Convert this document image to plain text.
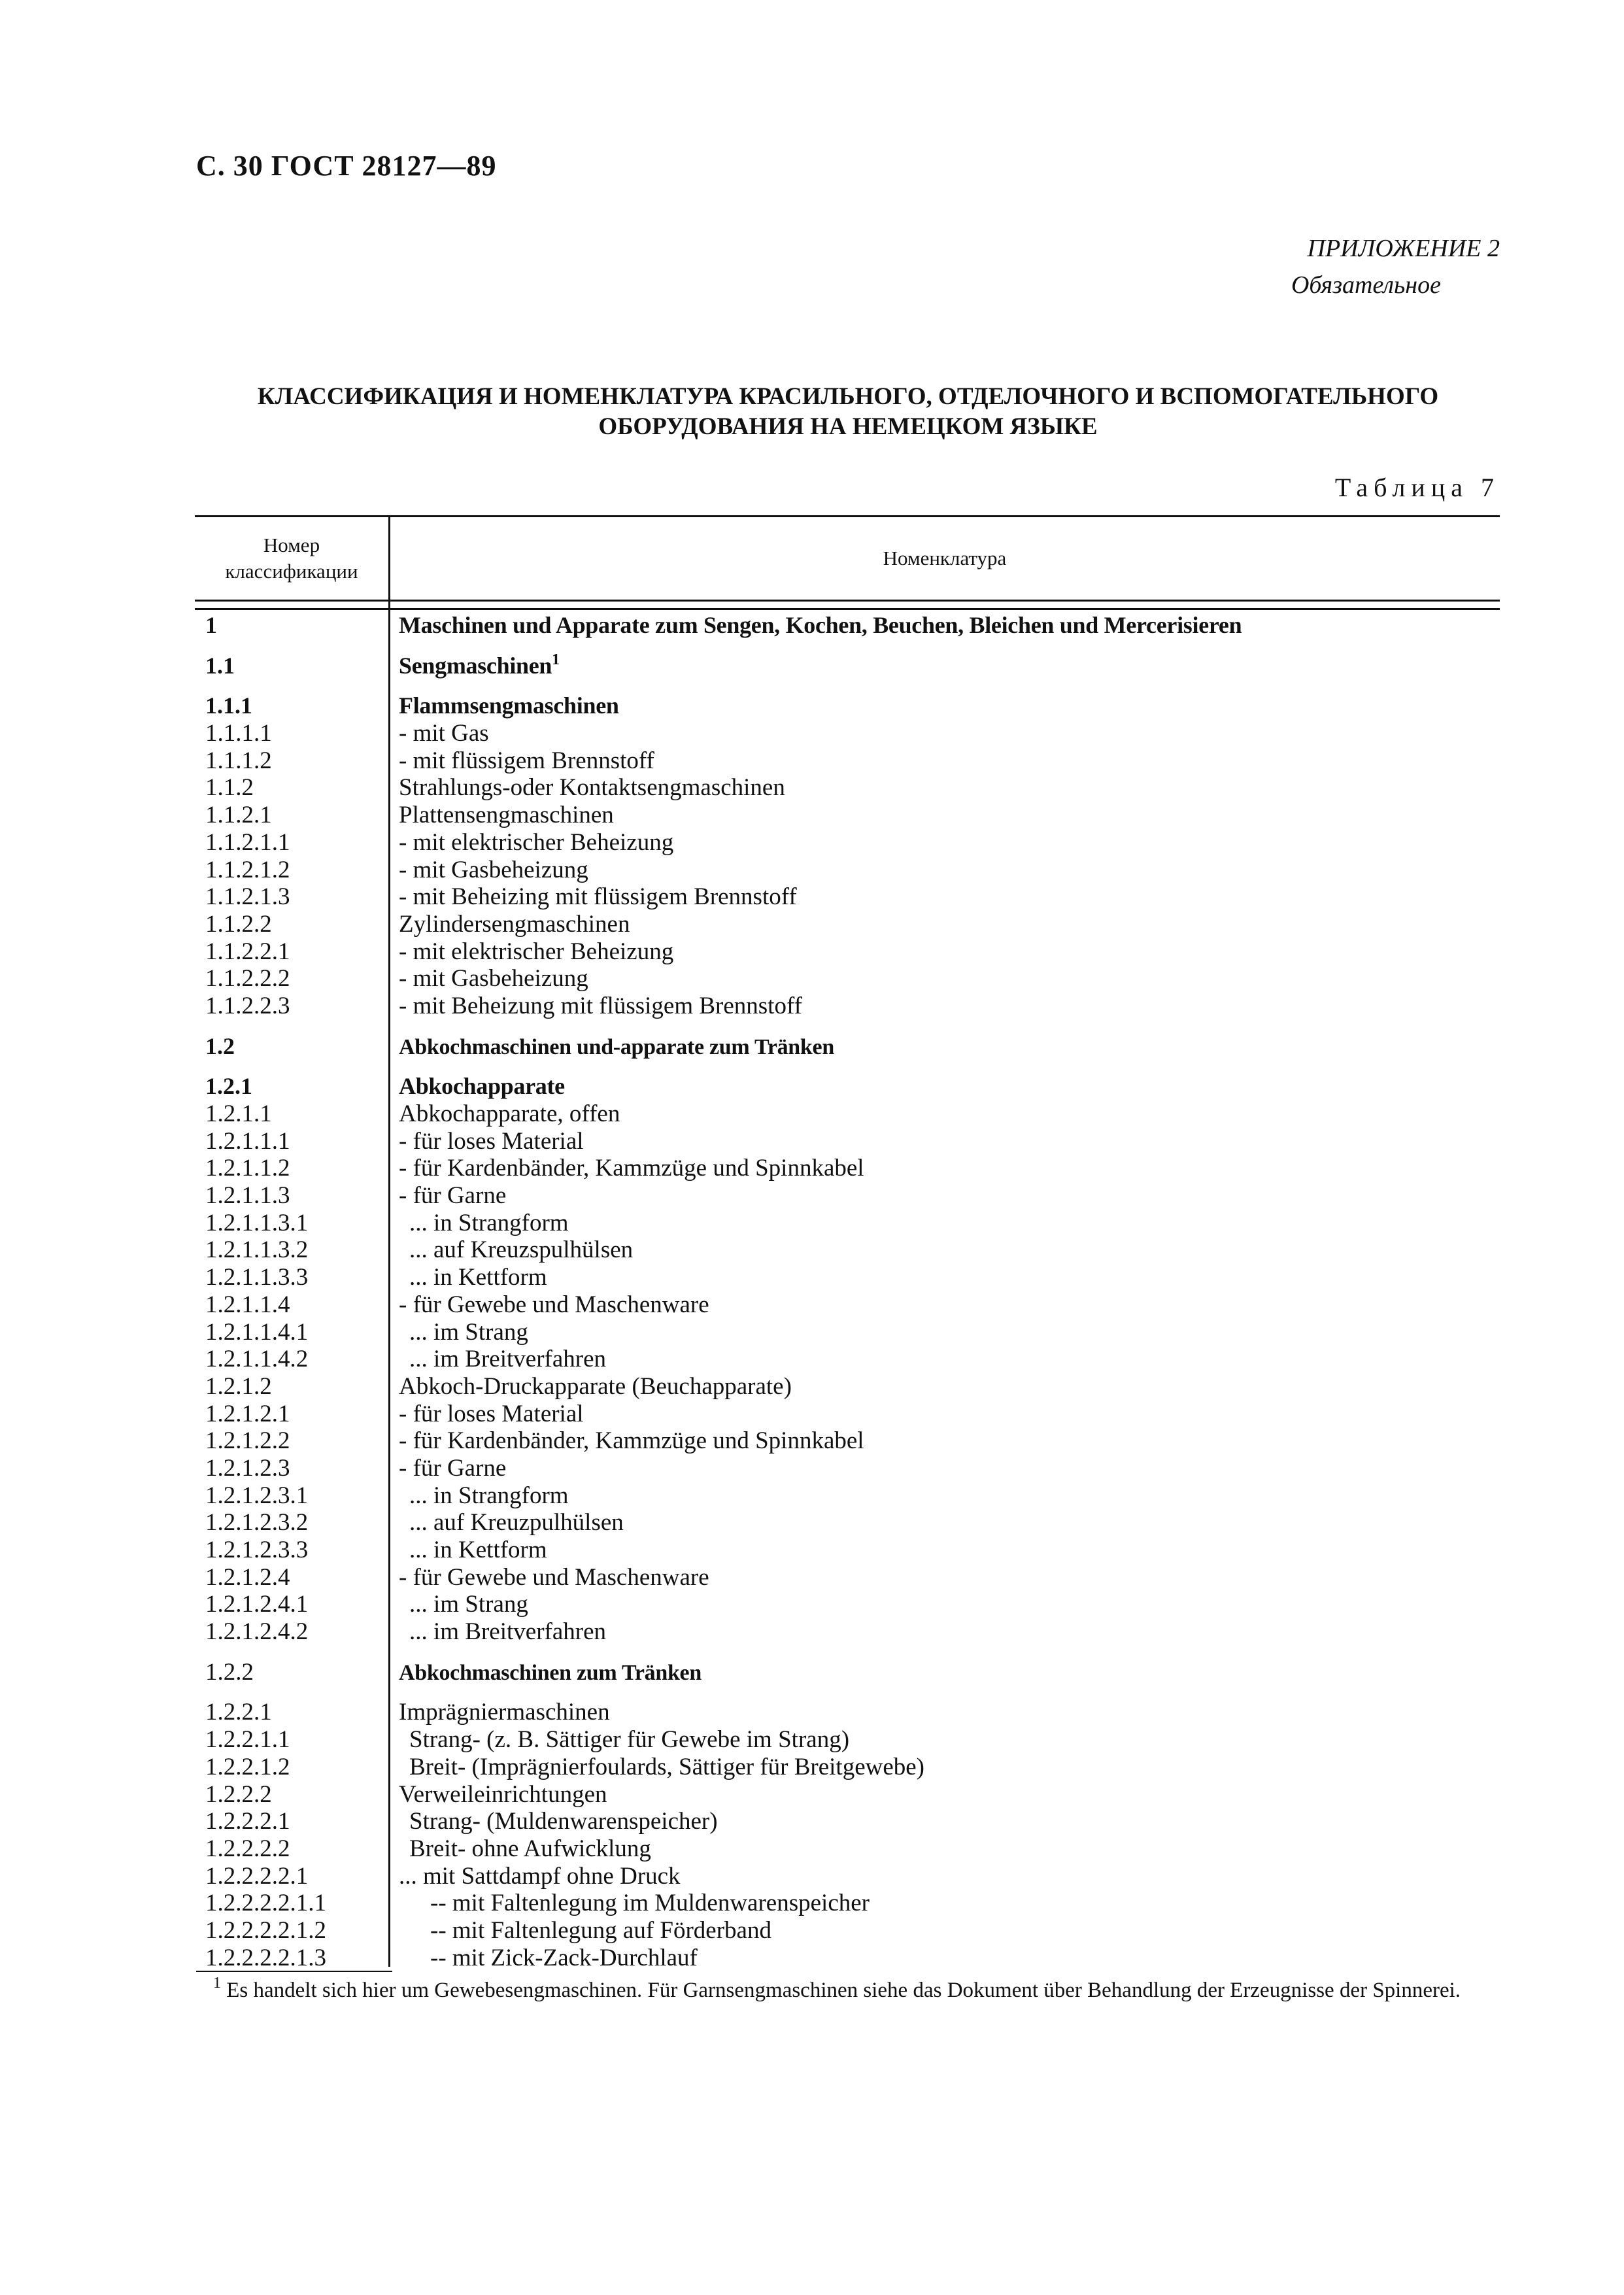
С. 30 ГОСТ 28127—89
ПРИЛОЖЕНИЕ 2
Обязательное
КЛАССИФИКАЦИЯ И НОМЕНКЛАТУРА КРАСИЛЬНОГО, ОТДЕЛОЧНОГО И ВСПОМОГАТЕЛЬНОГО
ОБОРУДОВАНИЯ НА НЕМЕЦКОМ ЯЗЫКЕ
Таблица 7
Номер
классификации
Номенклатура
1	Maschinen und Apparate zum Sengen, Kochen, Beuchen, Bleichen und Mercerisieren
1.1	Sengmaschinen$^1$
1.1.1	Flammsengmaschinen
1.1.1.1	- mit Gas
1.1.1.2	- mit flüssigem Brennstoff
1.1.2	Strahlungs-oder Kontaktsengmaschinen
1.1.2.1	Plattensengmaschinen
1.1.2.1.1	- mit elektrischer Beheizung
1.1.2.1.2	- mit Gasbeheizung
1.1.2.1.3	- mit Beheizing mit flüssigem Brennstoff
1.1.2.2	Zylindersengmaschinen
1.1.2.2.1	- mit elektrischer Beheizung
1.1.2.2.2	- mit Gasbeheizung
1.1.2.2.3	- mit Beheizung mit flüssigem Brennstoff
1.2	Abkochmaschinen und-apparate zum Tränken
1.2.1	Abkochapparate
1.2.1.1	Abkochapparate, offen
1.2.1.1.1	- für loses Material
1.2.1.1.2	- für Kardenbänder, Kammzüge und Spinnkabel
1.2.1.1.3	- für Garne
1.2.1.1.3.1	... in Strangform
1.2.1.1.3.2	... auf Kreuzspulhülsen
1.2.1.1.3.3	... in Kettform
1.2.1.1.4	- für Gewebe und Maschenware
1.2.1.1.4.1	... im Strang
1.2.1.1.4.2	... im Breitverfahren
1.2.1.2	Abkoch-Druckapparate (Beuchapparate)
1.2.1.2.1	- für loses Material
1.2.1.2.2	- für Kardenbänder, Kammzüge und Spinnkabel
1.2.1.2.3	- für Garne
1.2.1.2.3.1	... in Strangform
1.2.1.2.3.2	... auf Kreuzpulhülsen
1.2.1.2.3.3	... in Kettform
1.2.1.2.4	- für Gewebe und Maschenware
1.2.1.2.4.1	... im Strang
1.2.1.2.4.2	... im Breitverfahren
1.2.2	Abkochmaschinen zum Tränken
1.2.2.1	Imprägniermaschinen
1.2.2.1.1	Strang- (z. B. Sättiger für Gewebe im Strang)
1.2.2.1.2	Breit- (Imprägnierfoulards, Sättiger für Breitgewebe)
1.2.2.2	Verweileinrichtungen
1.2.2.2.1	Strang- (Muldenwarenspeicher)
1.2.2.2.2	Breit- ohne Aufwicklung
1.2.2.2.2.1	... mit Sattdampf ohne Druck
1.2.2.2.2.1.1	-- mit Faltenlegung im Muldenwarenspeicher
1.2.2.2.2.1.2	-- mit Faltenlegung auf Förderband
1.2.2.2.2.1.3	-- mit Zick-Zack-Durchlauf
$^1$ Es handelt sich hier um Gewebesengmaschinen. Für Garnsengmaschinen siehe das Dokument über Behandlung der Erzeugnisse der Spinnerei.
